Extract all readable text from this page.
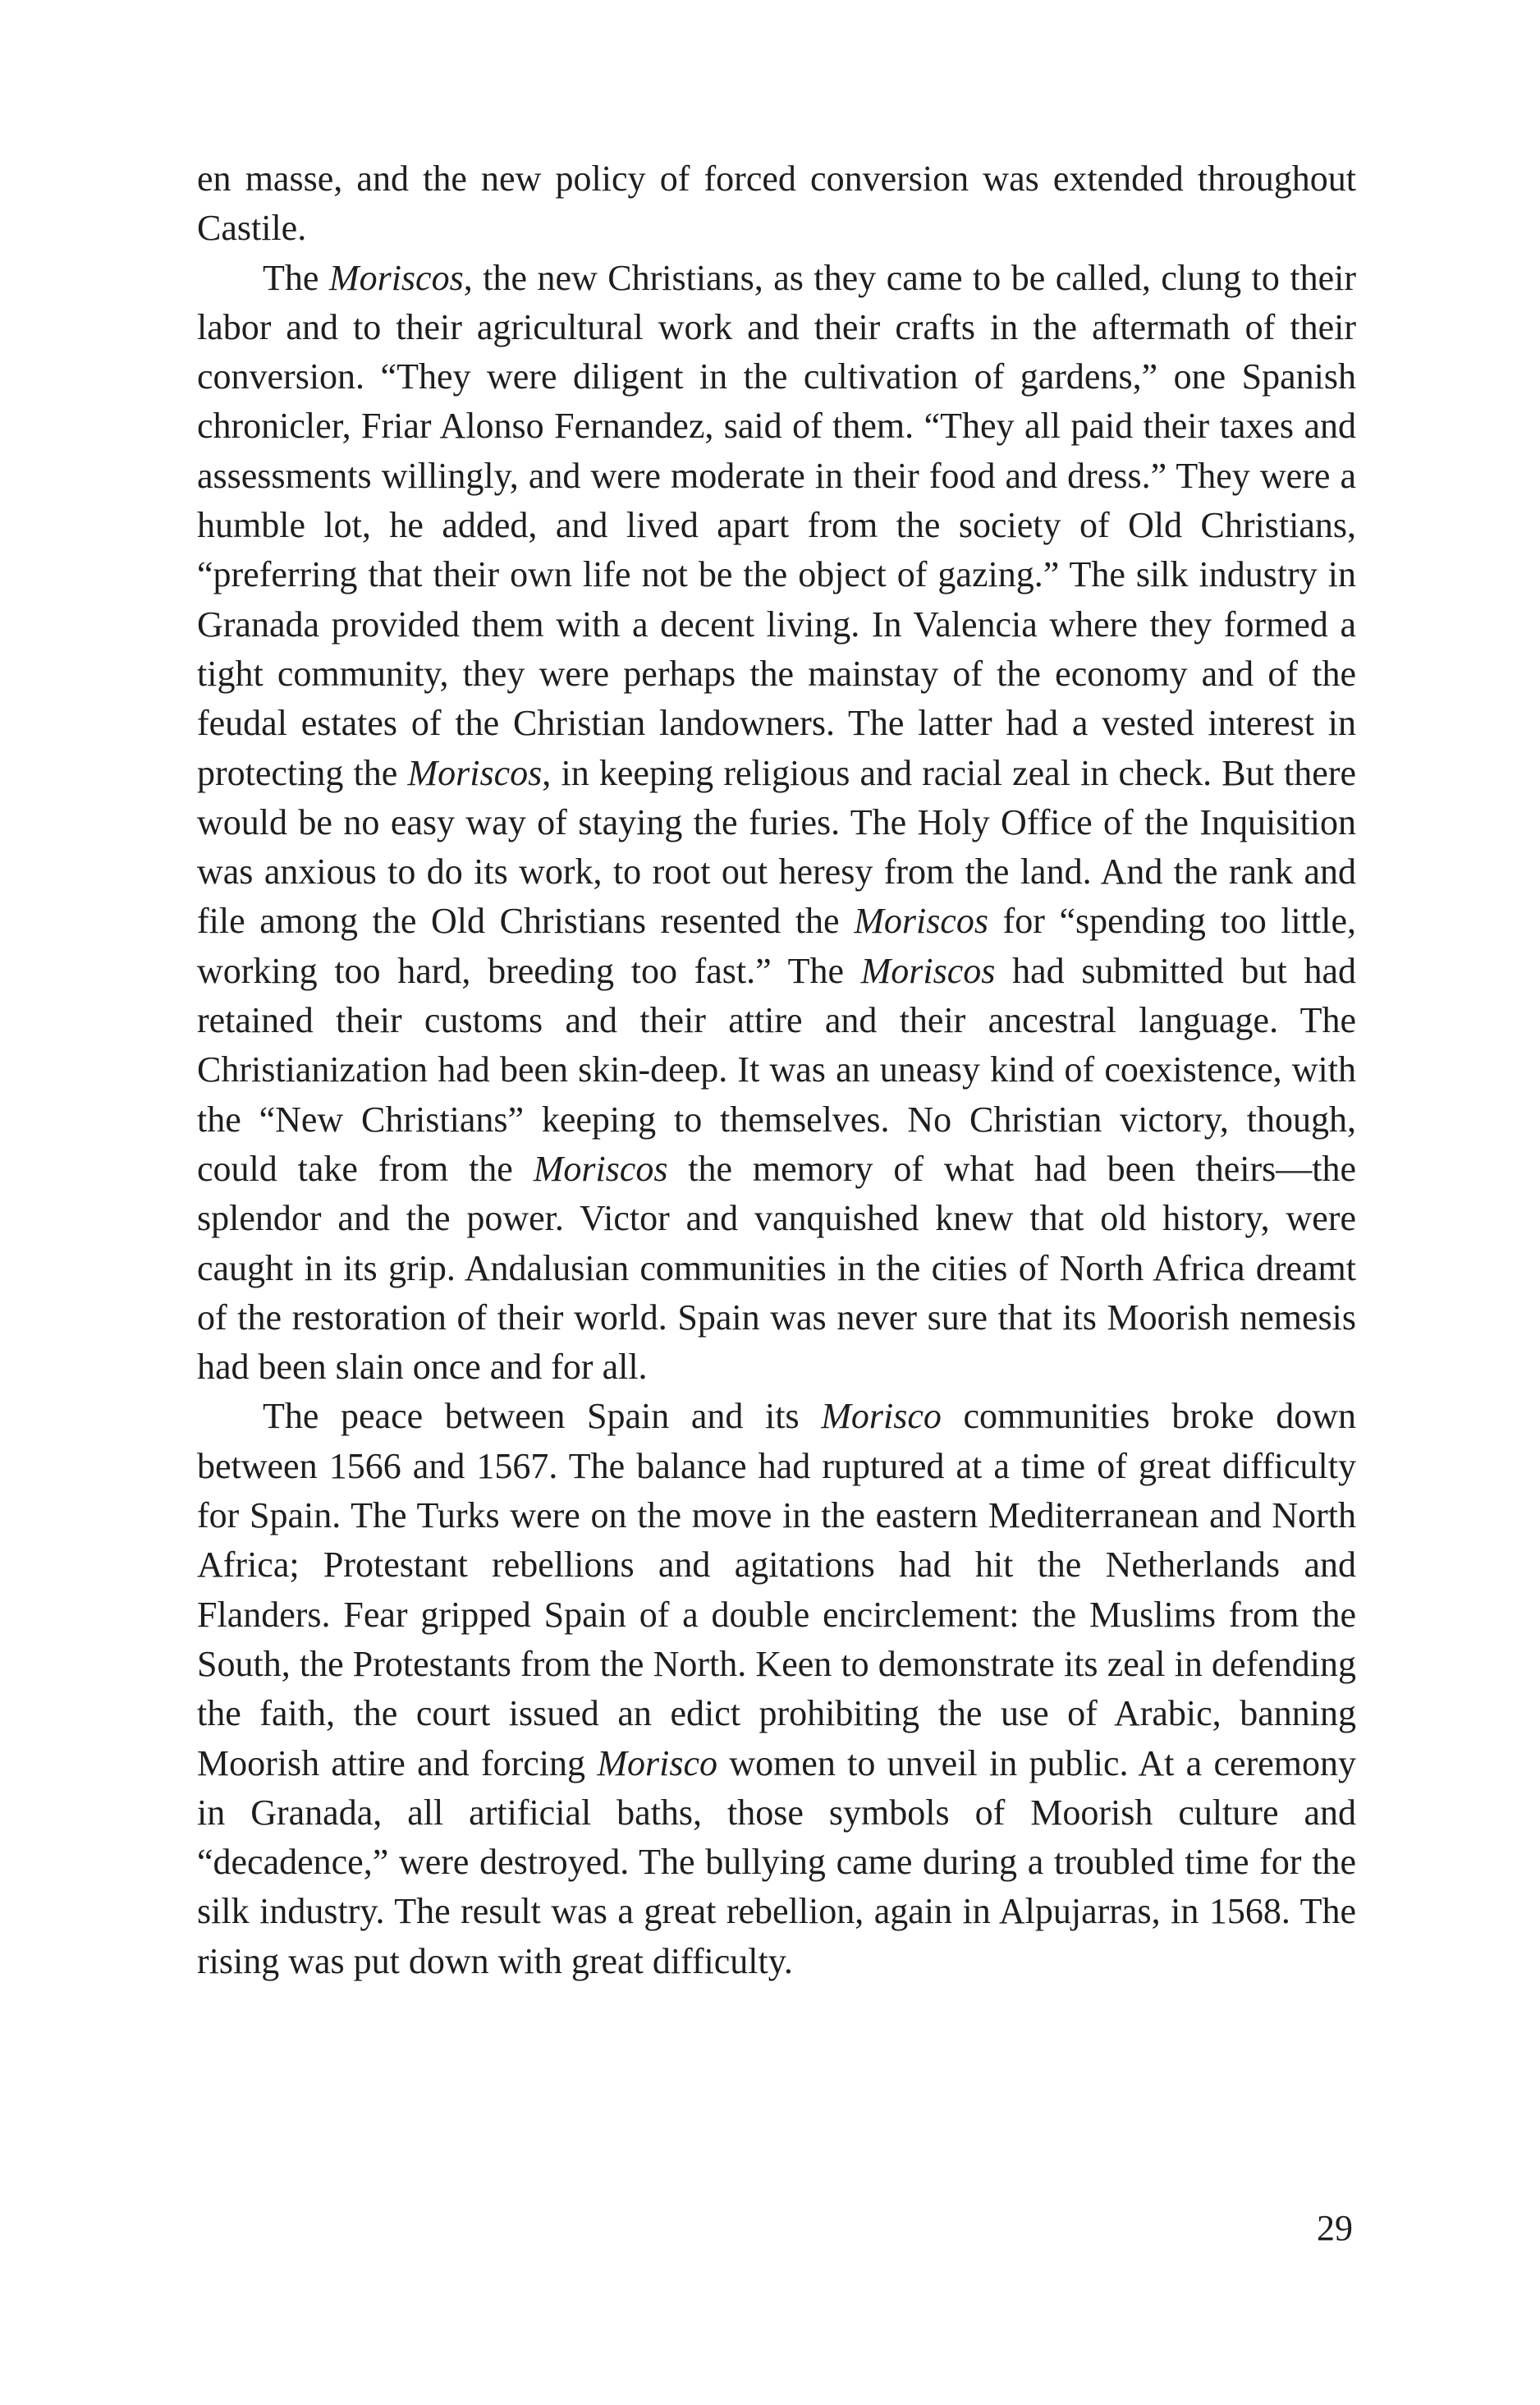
en masse, and the new policy of forced conversion was extended throughout Castile.

The Moriscos, the new Christians, as they came to be called, clung to their labor and to their agricultural work and their crafts in the aftermath of their conversion. “They were diligent in the cultivation of gardens,” one Spanish chronicler, Friar Alonso Fernandez, said of them. “They all paid their taxes and assessments willingly, and were moderate in their food and dress.” They were a humble lot, he added, and lived apart from the society of Old Christians, “preferring that their own life not be the object of gazing.” The silk industry in Granada provided them with a decent living. In Valencia where they formed a tight community, they were perhaps the mainstay of the economy and of the feudal estates of the Christian landowners. The latter had a vested interest in protecting the Moriscos, in keeping religious and racial zeal in check. But there would be no easy way of staying the furies. The Holy Office of the Inquisition was anxious to do its work, to root out heresy from the land. And the rank and file among the Old Christians resented the Moriscos for “spending too little, working too hard, breeding too fast.” The Moriscos had submitted but had retained their customs and their attire and their ancestral language. The Christianization had been skin-deep. It was an uneasy kind of coexistence, with the “New Christians” keeping to themselves. No Christian victory, though, could take from the Moriscos the memory of what had been theirs—the splendor and the power. Victor and vanquished knew that old history, were caught in its grip. Andalusian communities in the cities of North Africa dreamt of the restoration of their world. Spain was never sure that its Moorish nemesis had been slain once and for all.

The peace between Spain and its Morisco communities broke down between 1566 and 1567. The balance had ruptured at a time of great difficulty for Spain. The Turks were on the move in the eastern Mediterranean and North Africa; Protestant rebellions and agitations had hit the Netherlands and Flanders. Fear gripped Spain of a double encirclement: the Muslims from the South, the Protestants from the North. Keen to demonstrate its zeal in defending the faith, the court issued an edict prohibiting the use of Arabic, banning Moorish attire and forcing Morisco women to unveil in public. At a ceremony in Granada, all artificial baths, those symbols of Moorish culture and “decadence,” were destroyed. The bullying came during a troubled time for the silk industry. The result was a great rebellion, again in Alpujarras, in 1568. The rising was put down with great difficulty.

29
